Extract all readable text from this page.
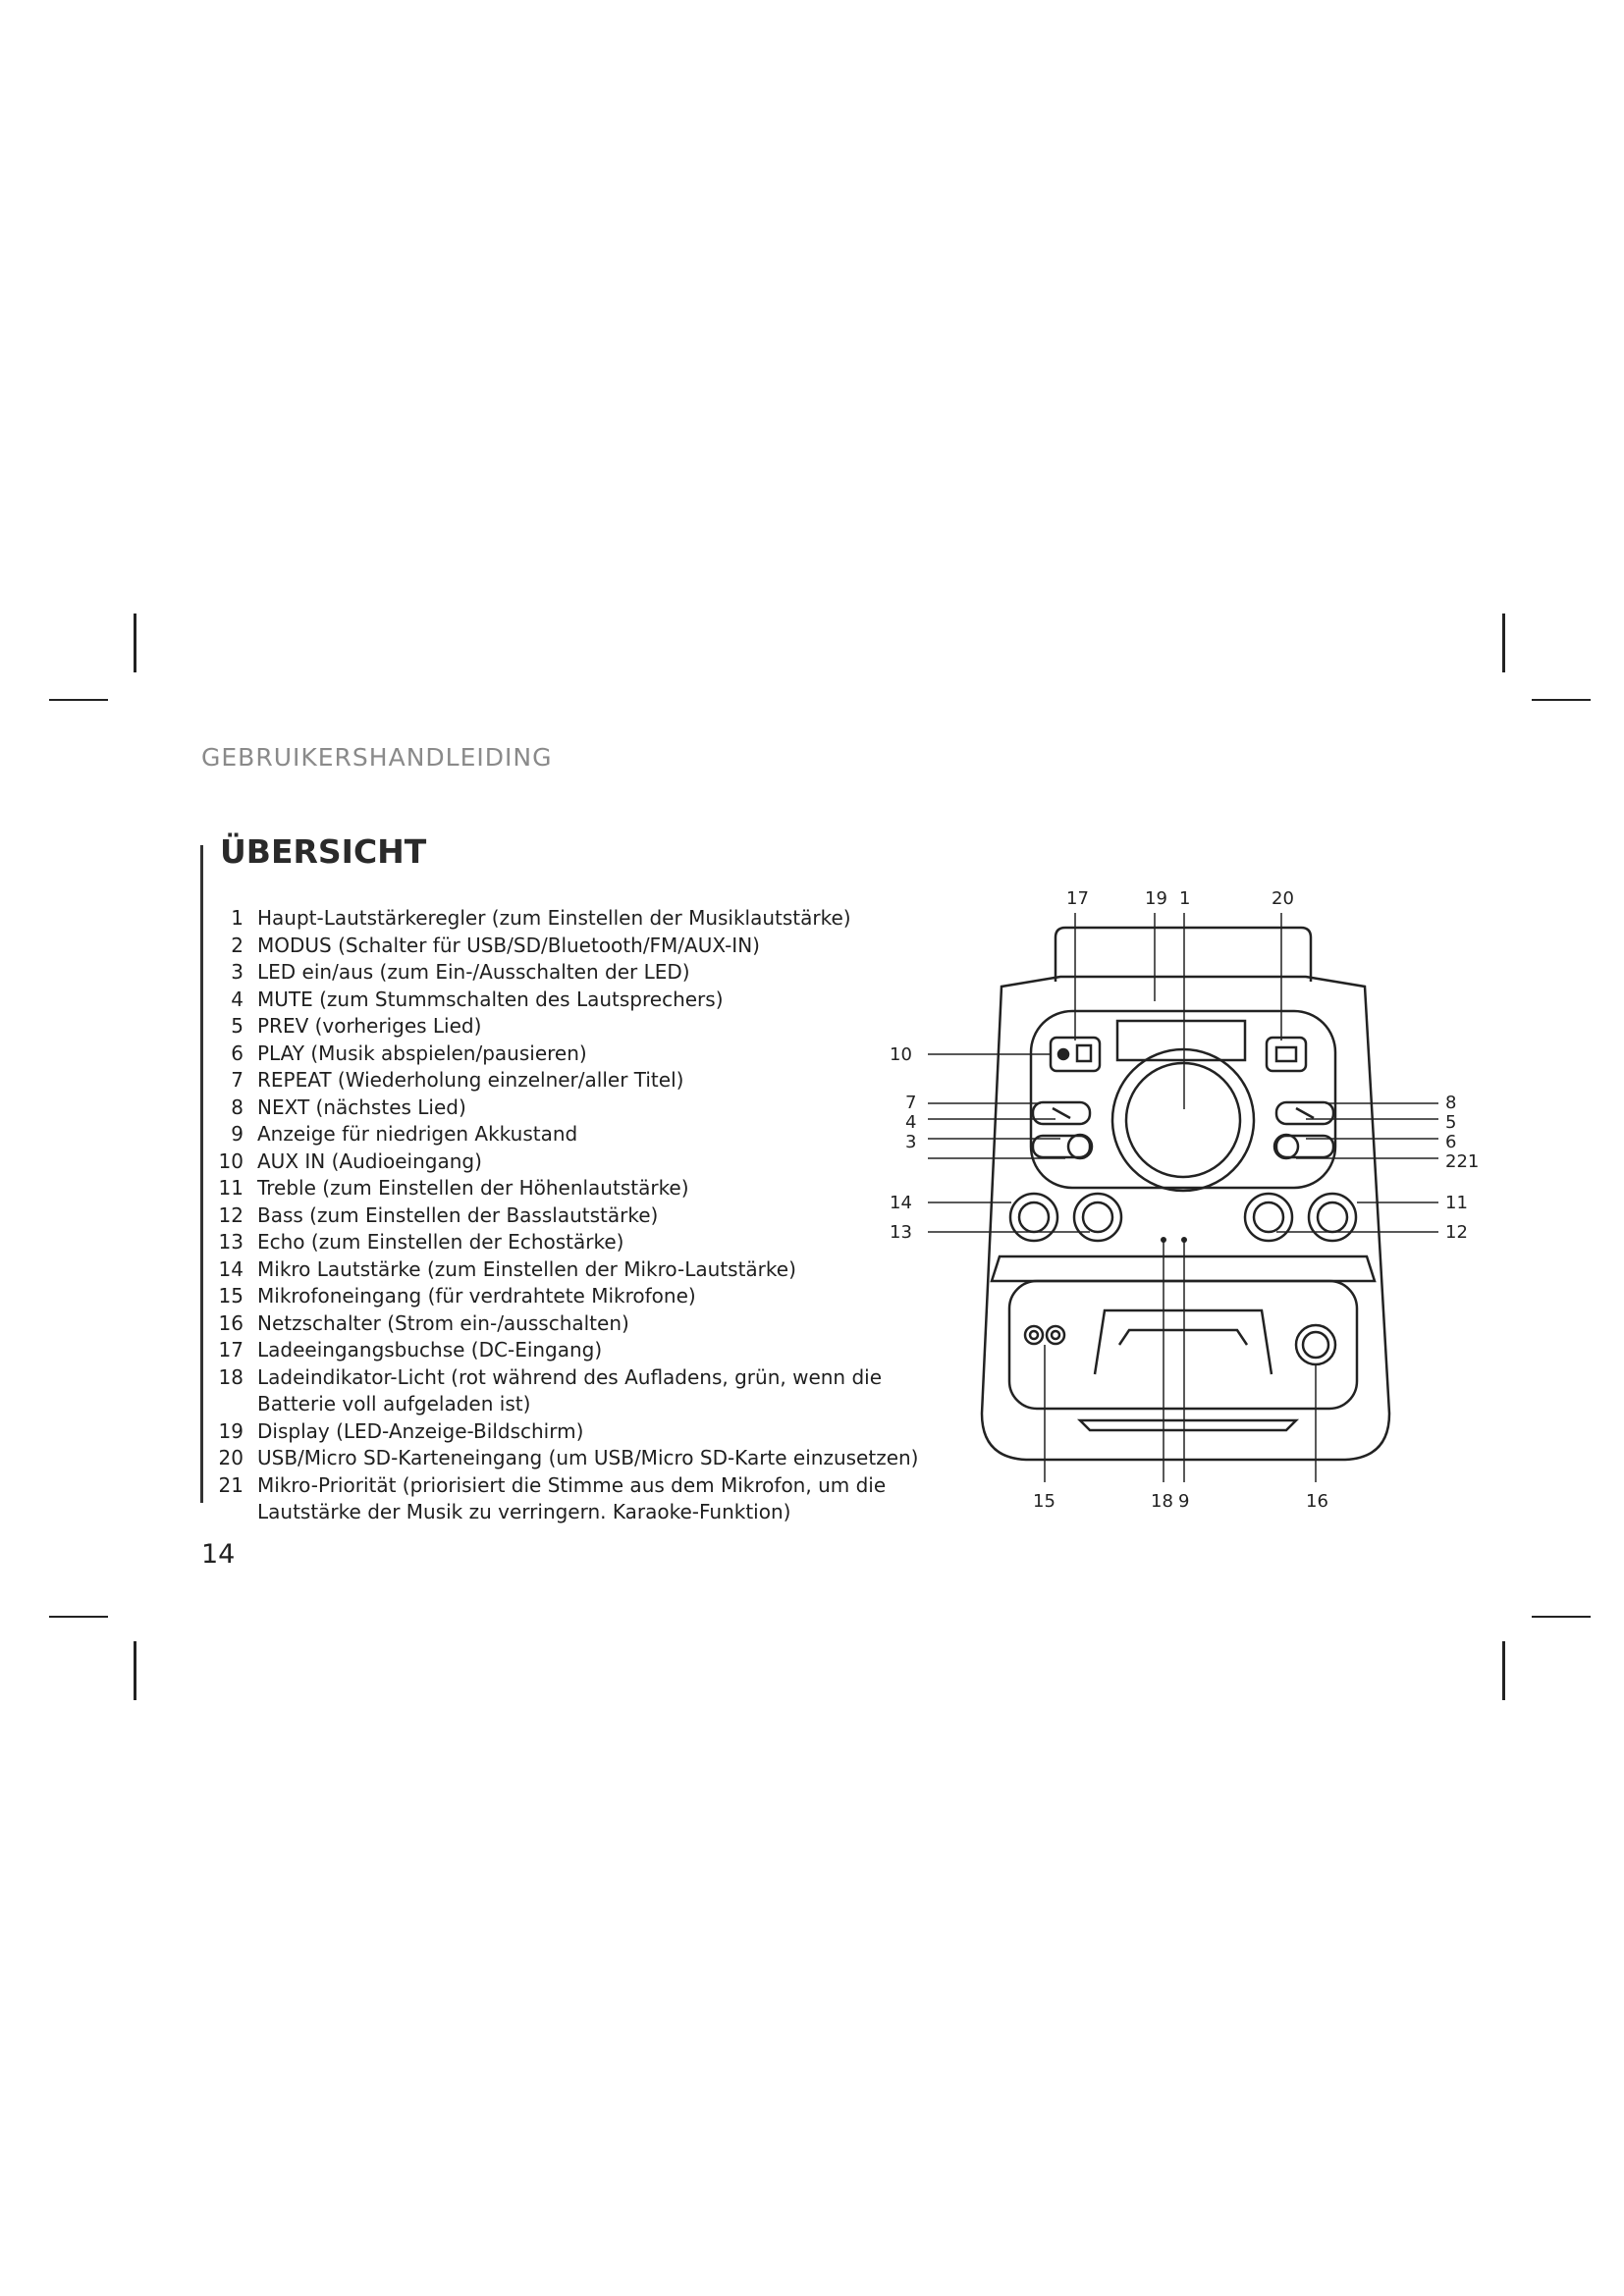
GEBRUIKERSHANDLEIDING
ÜBERSICHT
1 Haupt-Lautstärkeregler (zum Einstellen der Musiklautstärke)
2 MODUS (Schalter für USB/SD/Bluetooth/FM/AUX-IN)
3 LED ein/aus (zum Ein-/Ausschalten der LED)
4 MUTE (zum Stummschalten des Lautsprechers)
5 PREV (vorheriges Lied)
6 PLAY (Musik abspielen/pausieren)
7 REPEAT (Wiederholung einzelner/aller Titel)
8 NEXT (nächstes Lied)
9 Anzeige für niedrigen Akkustand
10 AUX IN (Audioeingang)
11 Treble (zum Einstellen der Höhenlautstärke)
12 Bass (zum Einstellen der Basslautstärke)
13 Echo (zum Einstellen der Echostärke)
14 Mikro Lautstärke (zum Einstellen der Mikro-Lautstärke)
15 Mikrofoneingang (für verdrahtete Mikrofone)
16 Netzschalter (Strom ein-/ausschalten)
17 Ladeeingangsbuchse (DC-Eingang)
18 Ladeindikator-Licht (rot während des Aufladens, grün, wenn die Batterie voll aufgeladen ist)
19 Display (LED-Anzeige-Bildschirm)
20 USB/Micro SD-Karteneingang (um USB/Micro SD-Karte einzusetzen)
21 Mikro-Priorität (priorisiert die Stimme aus dem Mikrofon, um die Lautstärke der Musik zu verringern. Karaoke-Funktion)
14
17	19 1	20
10
7
4
3
14
13
8
5
6
221
11
12
15	18 9	16
